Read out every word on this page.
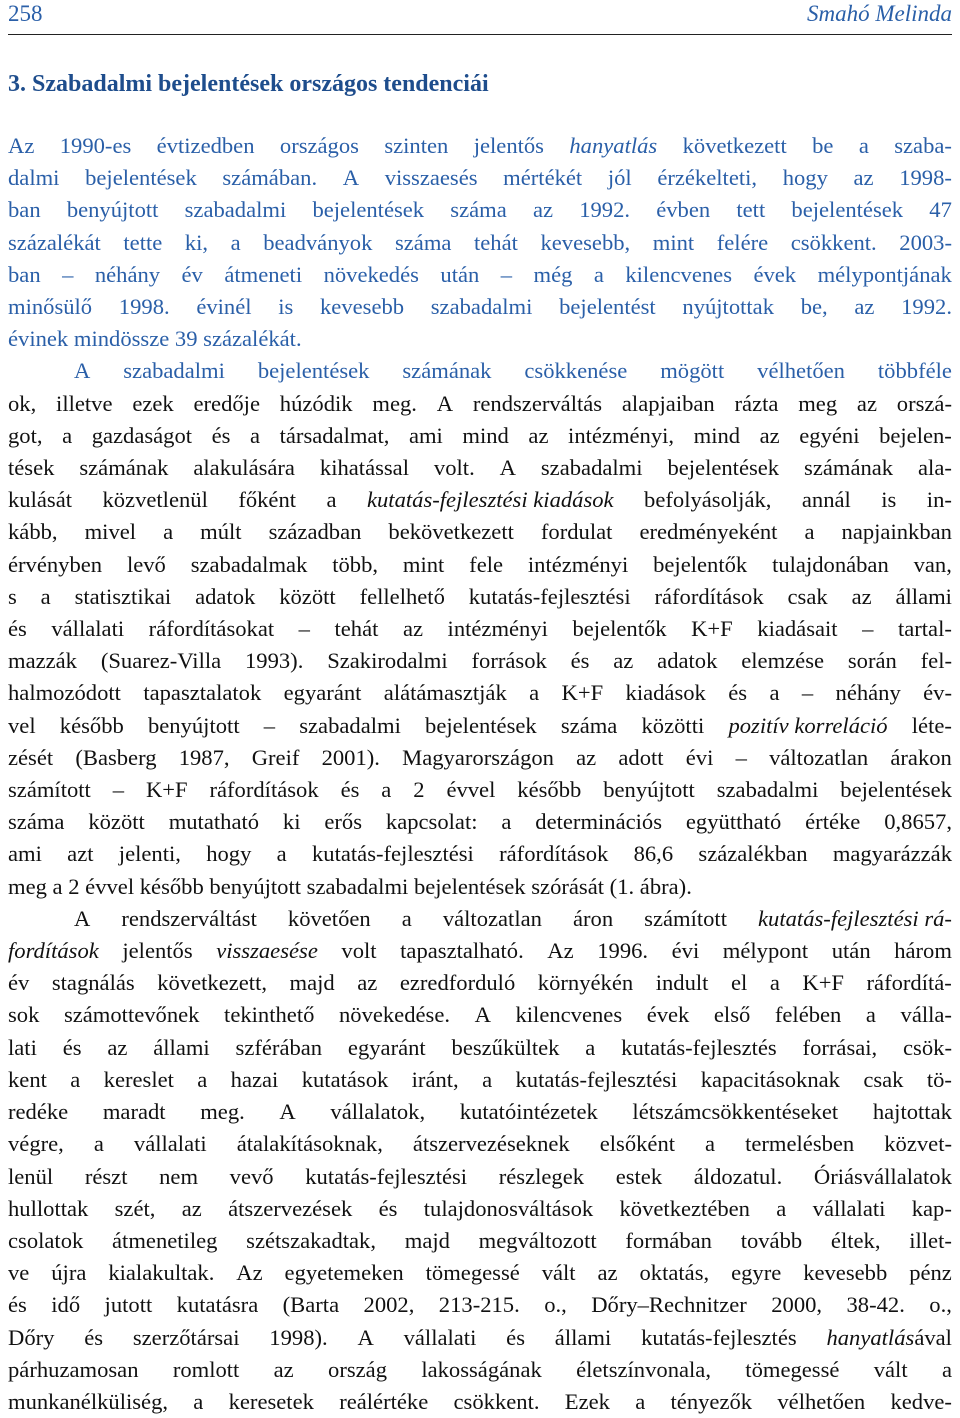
258	Smahó Melinda
3. Szabadalmi bejelentések országos tendenciái
Az 1990-es évtizedben országos szinten jelentős hanyatlás következett be a szaba-
dalmi bejelentések számában. A visszaesés mértékét jól érzékelteti, hogy az 1998-
ban benyújtott szabadalmi bejelentések száma az 1992. évben tett bejelentések 47
százalékát tette ki, a beadványok száma tehát kevesebb, mint felére csökkent. 2003-
ban – néhány év átmeneti növekedés után – még a kilencvenes évek mélypontjának
minősülő 1998. évinél is kevesebb szabadalmi bejelentést nyújtottak be, az 1992.
évinek mindössze 39 százalékát.
A szabadalmi bejelentések számának csökkenése mögött vélhetően többféle
ok, illetve ezek eredője húzódik meg. A rendszerváltás alapjaiban rázta meg az orszá-
got, a gazdaságot és a társadalmat, ami mind az intézményi, mind az egyéni bejelen-
tések számának alakulására kihatással volt. A szabadalmi bejelentések számának ala-
kulását közvetlenül főként a kutatás-fejlesztési kiadások befolyásolják, annál is in-
kább, mivel a múlt században bekövetkezett fordulat eredményeként a napjainkban
érvényben levő szabadalmak több, mint fele intézményi bejelentők tulajdonában van,
s a statisztikai adatok között fellelhető kutatás-fejlesztési ráfordítások csak az állami
és vállalati ráfordításokat – tehát az intézményi bejelentők K+F kiadásait – tartal-
mazzák (Suarez-Villa 1993). Szakirodalmi források és az adatok elemzése során fel-
halmozódott tapasztalatok egyaránt alátámasztják a K+F kiadások és a – néhány év-
vel később benyújtott – szabadalmi bejelentések száma közötti pozitív korreláció léte-
zését (Basberg 1987, Greif 2001). Magyarországon az adott évi – változatlan árakon
számított – K+F ráfordítások és a 2 évvel később benyújtott szabadalmi bejelentések
száma között mutatható ki erős kapcsolat: a determinációs együttható értéke 0,8657,
ami azt jelenti, hogy a kutatás-fejlesztési ráfordítások 86,6 százalékban magyarázzák
meg a 2 évvel később benyújtott szabadalmi bejelentések szórását (1. ábra).
A rendszerváltást követően a változatlan áron számított kutatás-fejlesztési rá-
fordítások jelentős visszaesése volt tapasztalható. Az 1996. évi mélypont után három
év stagnálás következett, majd az ezredforduló környékén indult el a K+F ráfordítá-
sok számottevőnek tekinthető növekedése. A kilencvenes évek első felében a válla-
lati és az állami szférában egyaránt beszűkültek a kutatás-fejlesztés forrásai, csök-
kent a kereslet a hazai kutatások iránt, a kutatás-fejlesztési kapacitásoknak csak tö-
redéke maradt meg. A vállalatok, kutatóintézetek létszámcsökkentéseket hajtottak
végre, a vállalati átalakításoknak, átszervezéseknek elsőként a termelésben közvet-
lenül részt nem vevő kutatás-fejlesztési részlegek estek áldozatul. Óriásvállalatok
hullottak szét, az átszervezések és tulajdonosváltások következtében a vállalati kap-
csolatok átmenetileg szétszakadtak, majd megváltozott formában tovább éltek, illet-
ve újra kialakultak. Az egyetemeken tömegessé vált az oktatás, egyre kevesebb pénz
és idő jutott kutatásra (Barta 2002, 213-215. o., Dőry–Rechnitzer 2000, 38-42. o.,
Dőry és szerzőtársai 1998). A vállalati és állami kutatás-fejlesztés hanyatlásával
párhuzamosan romlott az ország lakosságának életszínvonala, tömegessé vált a
munkanélküliség, a keresetek reálértéke csökkent. Ezek a tényezők vélhetően kedve-
